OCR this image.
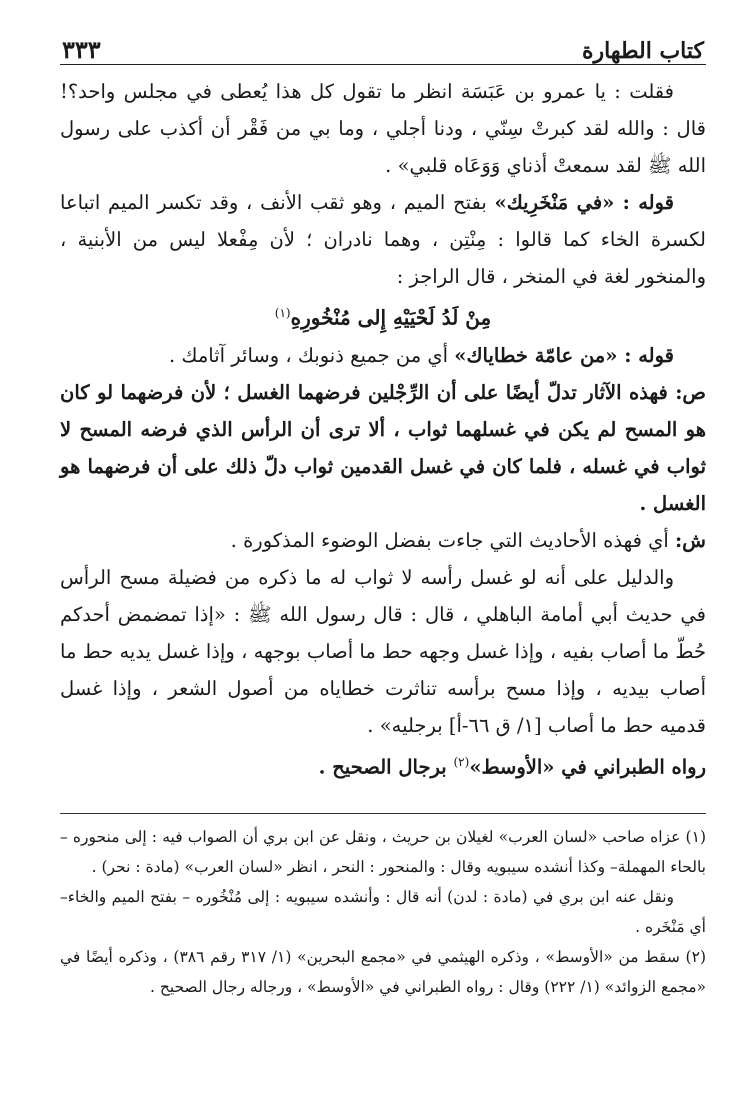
كتاب الطهارة
٣٣٣

فقلت : يا عمرو بن عَبَسَة انظر ما تقول كل هذا يُعطى في مجلس واحد؟! قال : والله لقد كبرتْ سِنّي ، ودنا أجلي ، وما بي من فَقْر أن أكذب على رسول الله ﷺ لقد سمعتْ أذناي وَوَعَاه قلبي» .

قوله : «في مَنْخَرِيك» بفتح الميم ، وهو ثقب الأنف ، وقد تكسر الميم اتباعا لكسرة الخاء كما قالوا : مِنْتِن ، وهما نادران ؛ لأن مِفْعلا ليس من الأبنية ، والمنخور لغة في المنخر ، قال الراجز :

مِنْ لَدُ لَحْيَيْهِ إِلى مُنْخُورِهِ$^{(١)}$

قوله : «من عامّة خطاياك» أي من جميع ذنوبك ، وسائر آثامك .

ص: فهذه الآثار تدلّ أيضًا على أن الرِّجْلين فرضهما الغسل ؛ لأن فرضهما لو كان هو المسح لم يكن في غسلهما ثواب ، ألا ترى أن الرأس الذي فرضه المسح لا ثواب في غسله ، فلما كان في غسل القدمين ثواب دلّ ذلك على أن فرضهما هو الغسل .

ش: أي فهذه الأحاديث التي جاءت بفضل الوضوء المذكورة .

والدليل على أنه لو غسل رأسه لا ثواب له ما ذكره من فضيلة مسح الرأس في حديث أبي أمامة الباهلي ، قال : قال رسول الله ﷺ : «إذا تمضمض أحدكم حُطّ ما أصاب بفيه ، وإذا غسل وجهه حط ما أصاب بوجهه ، وإذا غسل يديه حط ما أصاب بيديه ، وإذا مسح برأسه تناثرت خطاياه من أصول الشعر ، وإذا غسل قدميه حط ما أصاب [١/ ق ٦٦-أ] برجليه» .

رواه الطبراني في «الأوسط»$^{(٢)}$ برجال الصحيح .

(١) عزاه صاحب «لسان العرب» لغيلان بن حريث ، ونقل عن ابن بري أن الصواب فيه : إلى منحوره –بالحاء المهملة– وكذا أنشده سيبويه وقال : والمنحور : النحر ، انظر «لسان العرب» (مادة : نحر) .

ونقل عنه ابن بري في (مادة : لدن) أنه قال : وأنشده سيبويه : إلى مُنْخُوره – بفتح الميم والخاء– أي مَنْخَره .

(٢) سقط من «الأوسط» ، وذكره الهيثمي في «مجمع البحرين» (١/ ٣١٧ رقم ٣٨٦) ، وذكره أيضًا في «مجمع الزوائد» (١/ ٢٢٢) وقال : رواه الطبراني في «الأوسط» ، ورجاله رجال الصحيح .
